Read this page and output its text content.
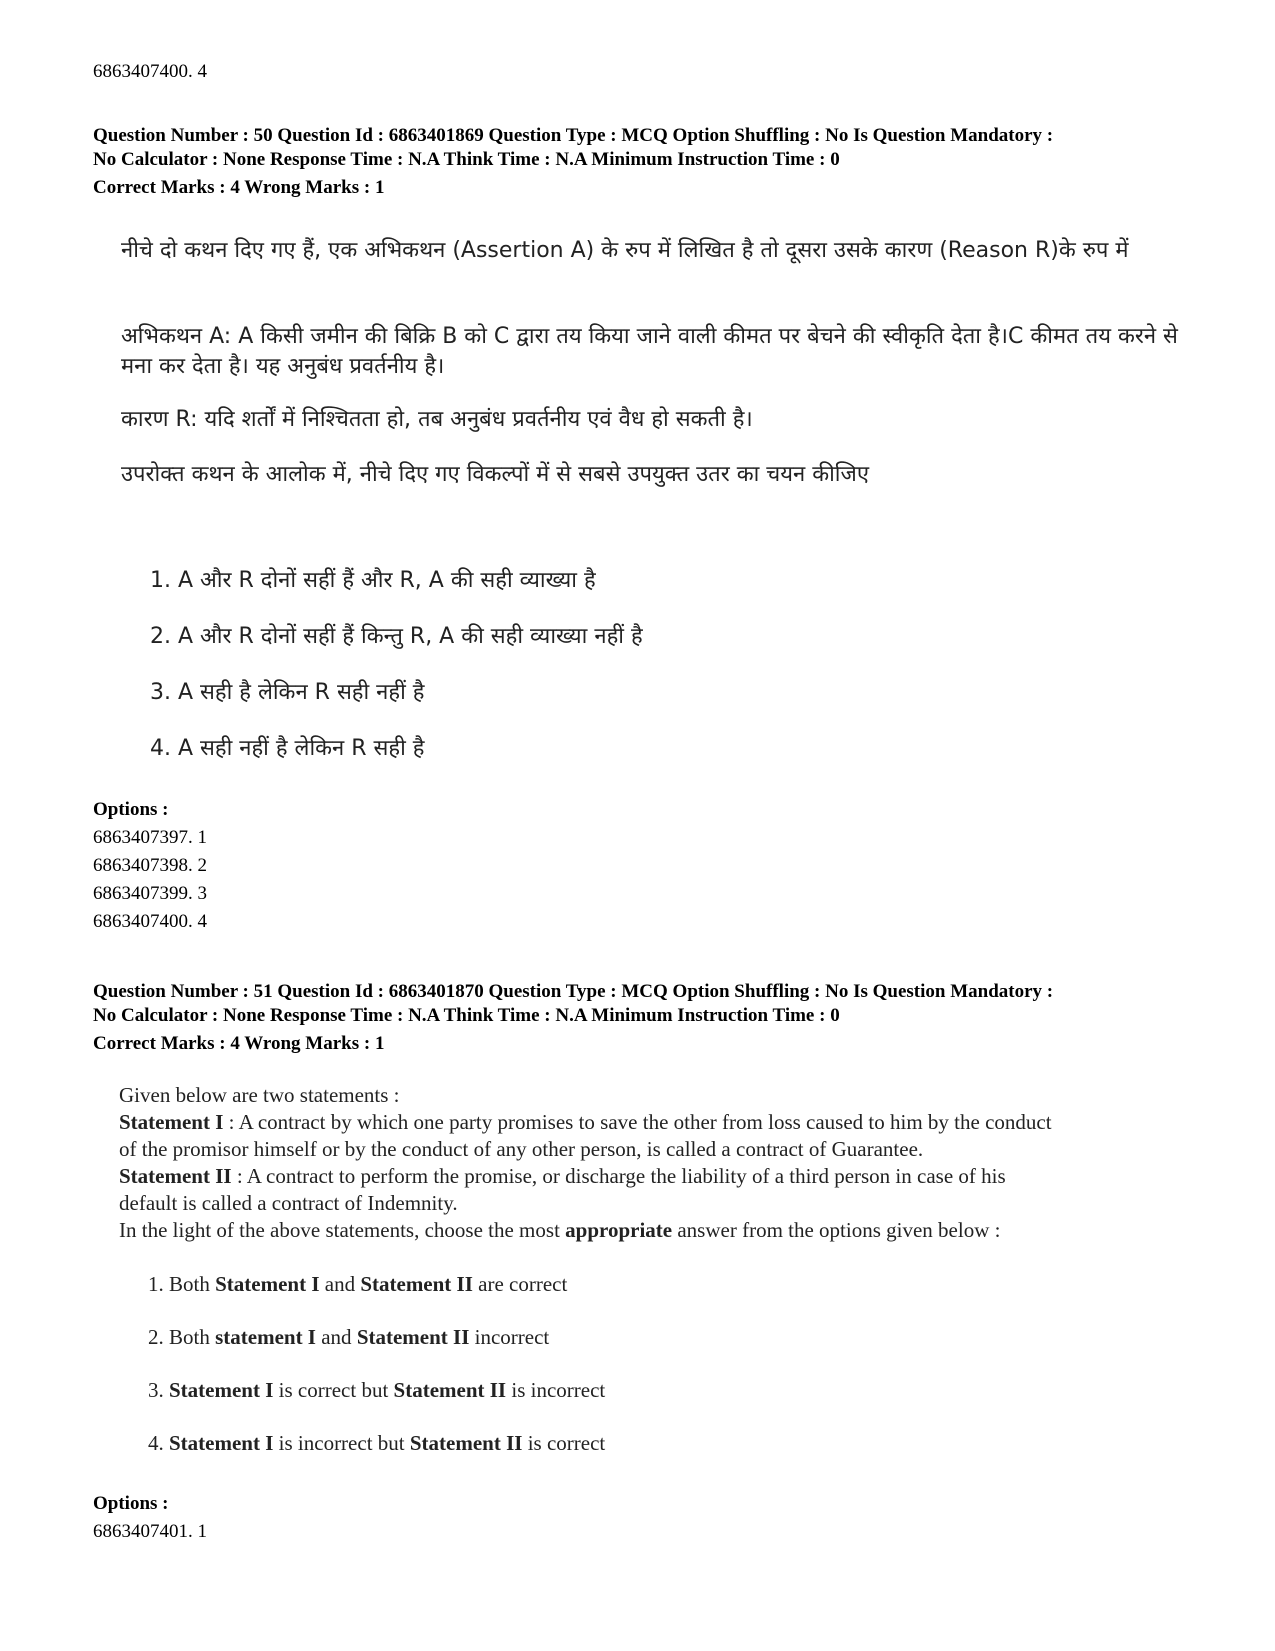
6863407400. 4
Question Number : 50 Question Id : 6863401869 Question Type : MCQ Option Shuffling : No Is Question Mandatory :
No Calculator : None Response Time : N.A Think Time : N.A Minimum Instruction Time : 0
Correct Marks : 4 Wrong Marks : 1
नीचे दो कथन दिए गए हैं, एक अभिकथन (Assertion A) के रुप में लिखित है तो दूसरा उसके कारण (Reason R)के रुप में
अभिकथन A: A किसी जमीन की बिक्रि B को C द्वारा तय किया जाने वाली कीमत पर बेचने की स्वीकृति देता है।C कीमत तय करने से मना कर देता है। यह अनुबंध प्रवर्तनीय है।
कारण R: यदि शर्तों में निश्चितता हो, तब अनुबंध प्रवर्तनीय एवं वैध हो सकती है।
उपरोक्त कथन के आलोक में, नीचे दिए गए विकल्पों में से सबसे उपयुक्त उतर का चयन कीजिए
1. A और R दोनों सहीं हैं और R, A की सही व्याख्या है
2. A और R दोनों सहीं हैं किन्तु R, A की सही व्याख्या नहीं है
3. A सही है लेकिन R सही नहीं है
4. A सही नहीं है लेकिन R सही है
Options :
6863407397. 1
6863407398. 2
6863407399. 3
6863407400. 4
Question Number : 51 Question Id : 6863401870 Question Type : MCQ Option Shuffling : No Is Question Mandatory :
No Calculator : None Response Time : N.A Think Time : N.A Minimum Instruction Time : 0
Correct Marks : 4 Wrong Marks : 1
Given below are two statements :
Statement I : A contract by which one party promises to save the other from loss caused to him by the conduct
of the promisor himself or by the conduct of any other person, is called a contract of Guarantee.
Statement II : A contract to perform the promise, or discharge the liability of a third person in case of his
default is called a contract of Indemnity.
In the light of the above statements, choose the most appropriate answer from the options given below :
1. Both Statement I and Statement II are correct
2. Both statement I and Statement II incorrect
3. Statement I is correct but Statement II is incorrect
4. Statement I is incorrect but Statement II is correct
Options :
6863407401. 1
